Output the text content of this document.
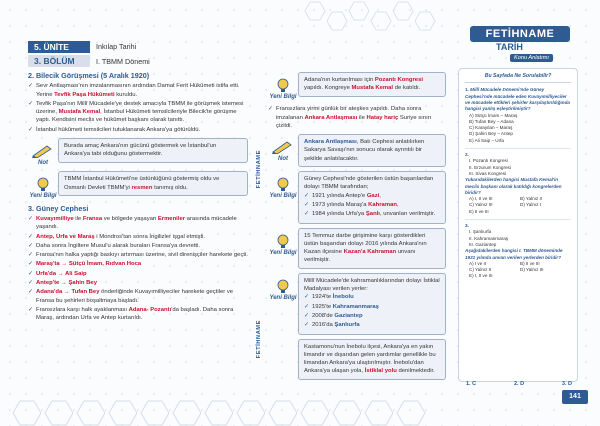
FETİHNAME
TARİH
Konu Anlatımı
5. ÜNİTE	İnkılap Tarihi
3. BÖLÜM	I. TBMM Dönemi
2. Bilecik Görüşmesi (5 Aralık 1920)
✓ Sevr Antlaşması'nın imzalanmasının ardından Damat Ferit Hükûmeti istifa etti. Yerine Tevfik Paşa Hükûmeti kuruldu.
✓ Tevfik Paşa'nın Millî Mücadele'ye destek amacıyla TBMM ile görüşmek istemesi üzerine, Mustafa Kemal, İstanbul Hükûmeti temsilcileriyle Bilecik'te görüşme yaptı. Kendisini meclis ve hükûmet başkanı olarak tanıttı.
✓ İstanbul hükûmeti temsilcileri tutuklanarak Ankara'ya götürüldü.
Not
Burada amaç Ankara'nın gücünü göstermek ve İstanbul'un Ankara'ya tabi olduğunu göstermektir.
Yeni Bilgi
TBMM İstanbul Hükûmeti'ne üstünlüğünü göstermiş oldu ve Osmanlı Devleti TBMM'yi resmen tanımış oldu.
3. Güney Cephesi
✓ Kuvayımilliye ile Fransa ve bölgede yaşayan Ermeniler arasında mücadele yaşandı.
✓ Antep, Urfa ve Maraş i Mondros'tan sonra İngilizler işgal etmişti.
✓ Daha sonra İngiltere Musul'u alarak buraları Fransa'ya devretti.
✓ Fransa'nın halka yaptığı baskıyı artırması üzerine, sivil direnişçiler harekete geçti.
✓ Maraş'ta → Sütçü İmam, Rıdvan Hoca
✓ Urfa'da → Ali Saip
✓ Antep'te → Şahin Bey
✓ Adana'da → Tufan Bey önderliğinde Kuvayımilliyeciler harekete geçtiler ve Fransa bu şehirleri boşaltmaya başladı.
✓ Fransızlara karşı halk ayaklanması Adana- Pozantı'da başladı. Daha sonra Maraş, ardından Urfa ve Antep kurtarıldı.
FETİHNAME
FETİHNAME
Yeni Bilgi
Adana'nın kurtarılması için Pozantı Kongresi yapıldı. Kongreye Mustafa Kemal de katıldı.
✓ Fransızlara yirmi günlük bir ateşkes yapıldı. Daha sonra imzalanan Ankara Antlaşması ile Hatay hariç Suriye sınırı çizildi.
Not
Ankara Antlaşması, Batı Cephesi anlatılırken Sakarya Savaşı'nın sonucu olarak ayrıntılı bir şekilde anlatılacaktır.
Yeni Bilgi
Güney Cephesi'nde gösterilen üstün başarılardan dolayı TBMM tarafından;
✓ 1921 yılında Antep'e Gazi,
✓ 1973 yılında Maraş'a Kahraman,
✓ 1984 yılında Urfa'ya Şanlı, unvanları verilmiştir.
Yeni Bilgi
15 Temmuz darbe girişimine karşı gösterdikleri üstün başarıdan dolayı 2016 yılında Ankara'nın Kazan ilçesine Kazan'a Kahraman unvanı verilmiştir.
Yeni Bilgi
Millî Mücadele'de kahramanlıklarından dolayı İstiklal Madalyası verilen yerler:
✓ 1924'te İnebolu
✓ 1925'te Kahramanmaraş
✓ 2008'de Gaziantep
✓ 2016'da Şanlıurfa
Kastamonu'nun İnebolu ilçesi, Ankara'ya en yakın limandır ve dışarıdan gelen yardımlar genellikle bu limandan Ankara'ya ulaştırılmıştır. İnebolu'dan Ankara'ya ulaşan yola, İstiklal yolu denilmektedir.
Bu Sayfada Ne Sorulabilir?
1. Millî Mücadele Dönemi'nde Güney Cephesi'nde mücadele eden Kuvayımilliyeciler ve mücadele ettikleri şehirler karşılaştırıldığında hangisi yanlış eşleştirilmiştir?
A) Sütçü İmam – Maraş
B) Tufan Bey – Adana
C) Karayılan – Maraş
D) Şahin Bey – Antep
E) Ali Saip – Urfa
2.
I. Pozantı Kongresi
II. Erzurum Kongresi
III. Sivas Kongresi
Yukarıdakilerden hangisi Mustafa Kemal'in meclis başkanı olarak katıldığı kongrelerden biridir?
A) I, II ve III	B) Yalnız II
C) Yalnız III	D) Yalnız I
E) II ve III
3.
I. Şanlıurfa
II. Kahramanmaraş
III. Gaziantep
Aşağıdakilerden hangisi I. TBMM döneminde 1921 yılında unvan verilen yerlerden biridir?
A) I ve II	B) II ve III
C) Yalnız II	D) Yalnız III
E) I, II ve III
1. C	2. D	3. D
141
